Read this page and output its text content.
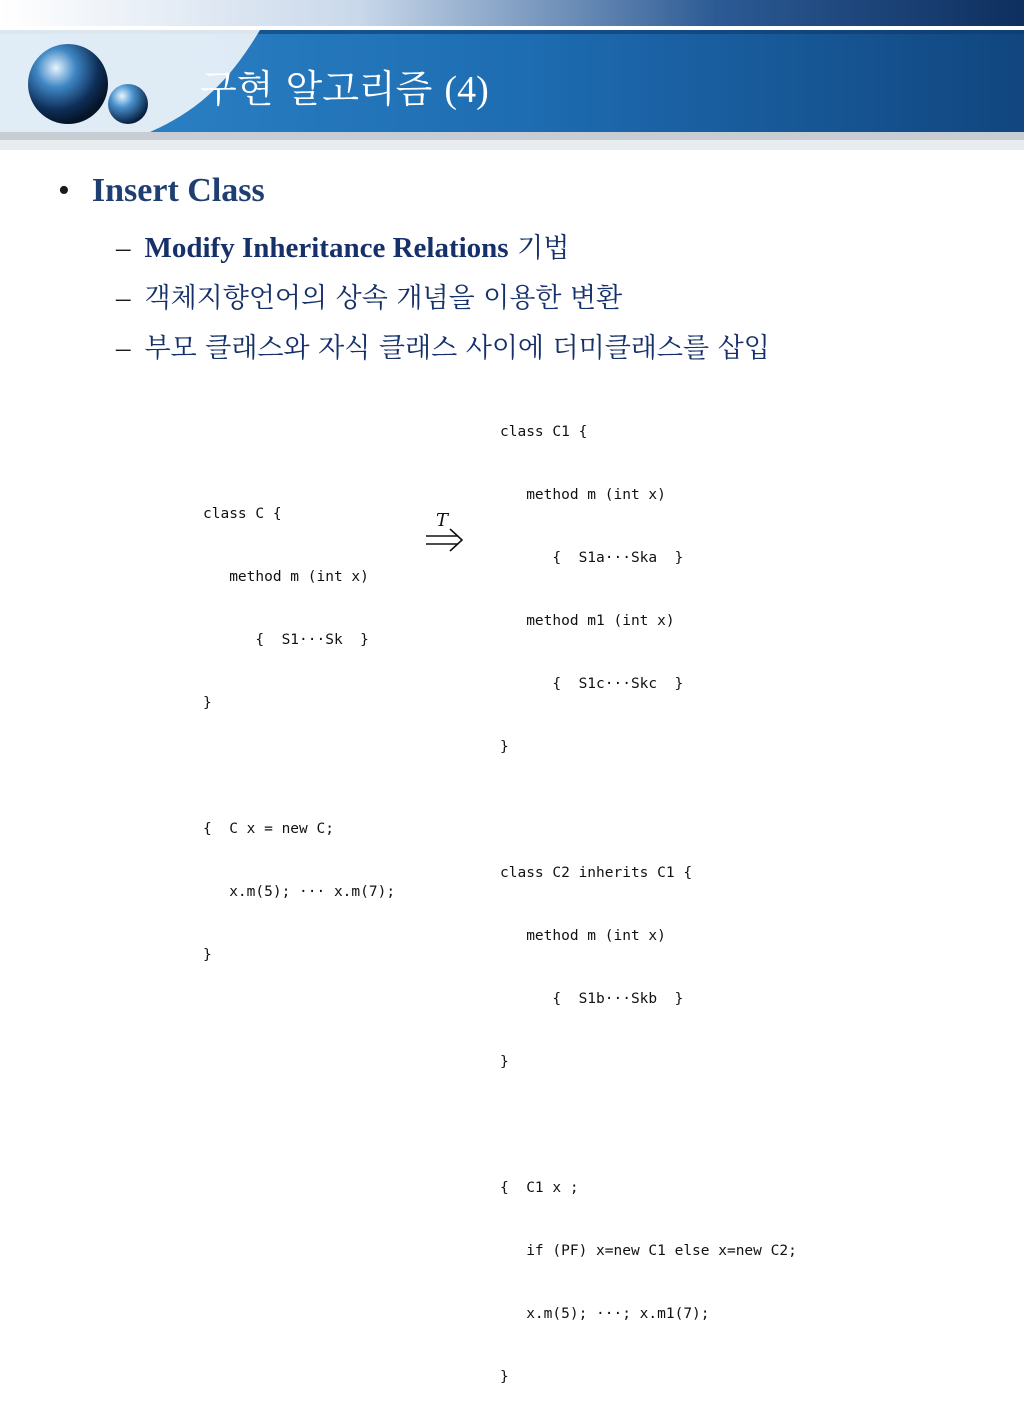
구현 알고리즘 (4)
• Insert Class
– Modify Inheritance Relations 기법
– 객체지향언어의 상속 개념을 이용한 변환
– 부모 클래스와 자식 클래스 사이에 더미클래스를 삽입

class C {

method m (int x)

{  S1···Sk  }

}

{  C x = new C;

x.m(5); ··· x.m(7);

}

T

class C1 {

method m (int x)

{  S1a···Ska  }

method m1 (int x)

{  S1c···Skc  }

}

class C2 inherits C1 {

method m (int x)

{  S1b···Skb  }

}

{  C1 x ;

if (PF) x=new C1 else x=new C2;

x.m(5); ···; x.m1(7);

}
